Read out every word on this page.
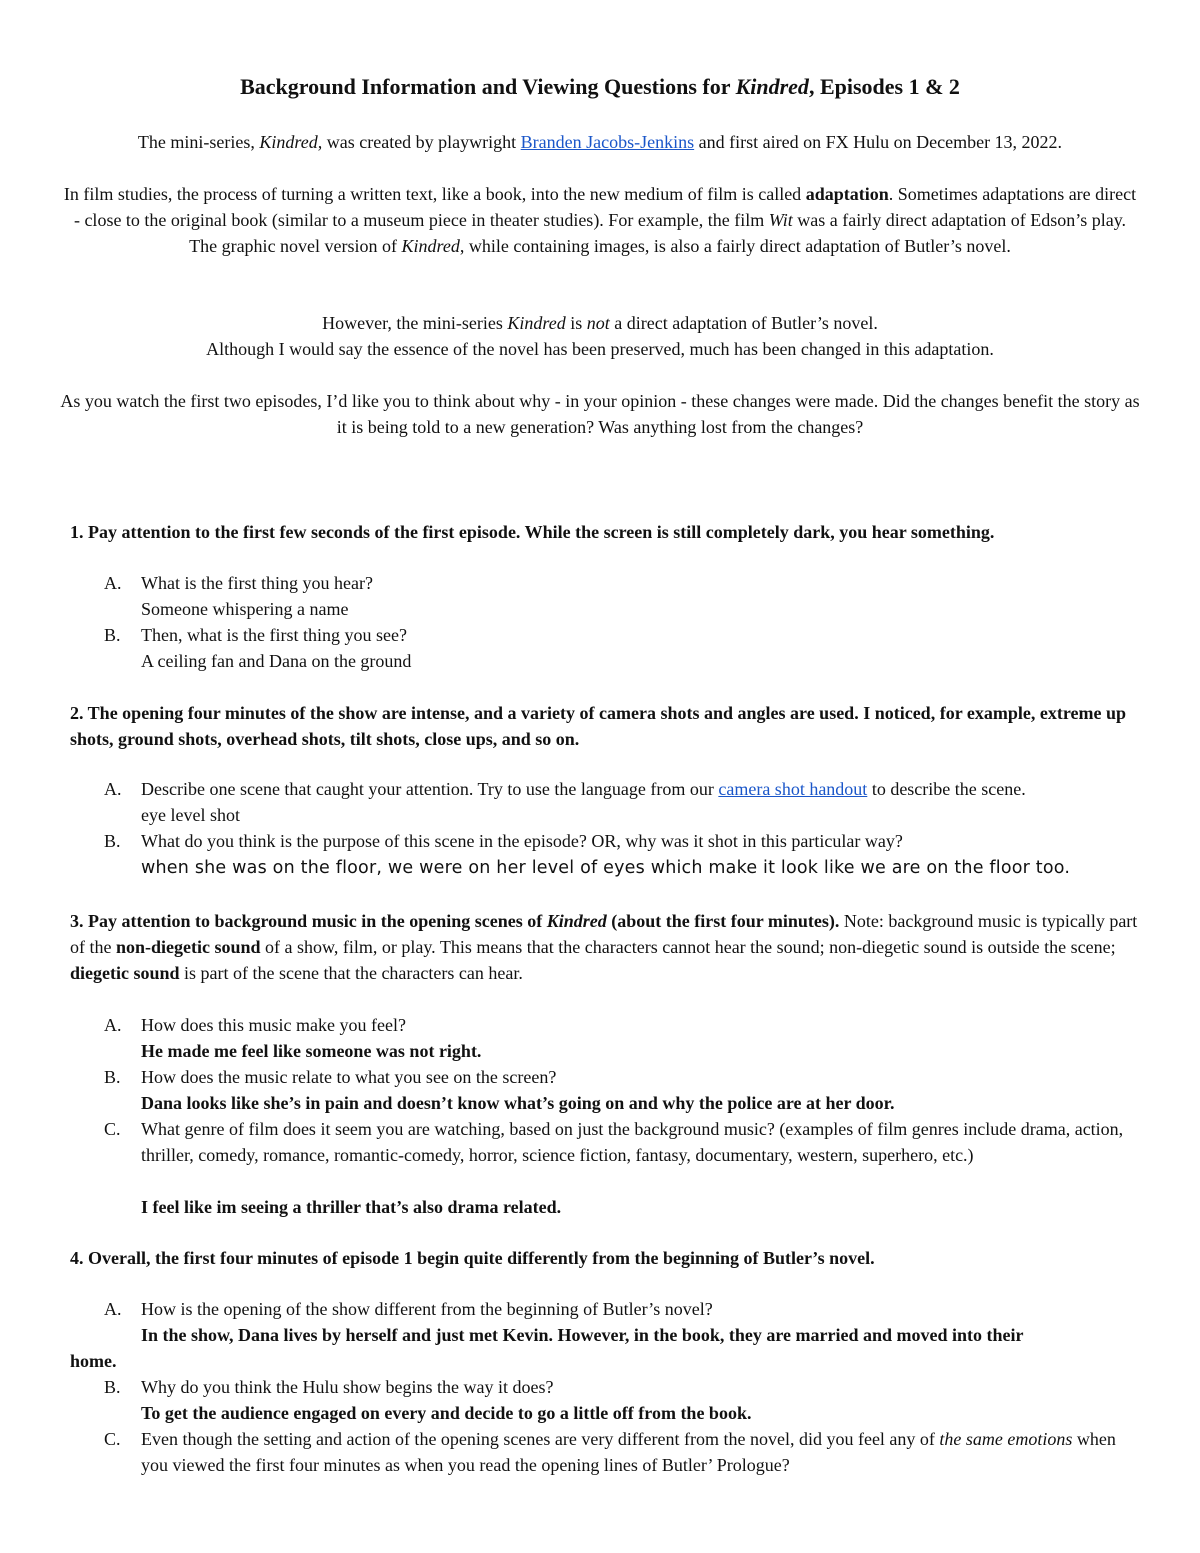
Background Information and Viewing Questions for Kindred, Episodes 1 & 2
The mini-series, Kindred, was created by playwright Branden Jacobs-Jenkins and first aired on FX Hulu on December 13, 2022.
In film studies, the process of turning a written text, like a book, into the new medium of film is called adaptation. Sometimes adaptations are direct - close to the original book (similar to a museum piece in theater studies). For example, the film Wit was a fairly direct adaptation of Edson’s play. The graphic novel version of Kindred, while containing images, is also a fairly direct adaptation of Butler’s novel.
However, the mini-series Kindred is not a direct adaptation of Butler’s novel.
Although I would say the essence of the novel has been preserved, much has been changed in this adaptation.
As you watch the first two episodes, I’d like you to think about why - in your opinion - these changes were made. Did the changes benefit the story as it is being told to a new generation? Was anything lost from the changes?
1. Pay attention to the first few seconds of the first episode. While the screen is still completely dark, you hear something.
A. What is the first thing you hear?
Someone whispering a name
B. Then, what is the first thing you see?
A ceiling fan and Dana on the ground
2. The opening four minutes of the show are intense, and a variety of camera shots and angles are used. I noticed, for example, extreme up shots, ground shots, overhead shots, tilt shots, close ups, and so on.
A. Describe one scene that caught your attention. Try to use the language from our camera shot handout to describe the scene.
eye level shot
B. What do you think is the purpose of this scene in the episode? OR, why was it shot in this particular way?
when she was on the floor, we were on her level of eyes which make it look like we are on the floor too.
3. Pay attention to background music in the opening scenes of Kindred (about the first four minutes). Note: background music is typically part of the non-diegetic sound of a show, film, or play. This means that the characters cannot hear the sound; non-diegetic sound is outside the scene; diegetic sound is part of the scene that the characters can hear.
A. How does this music make you feel?
He made me feel like someone was not right.
B. How does the music relate to what you see on the screen?
Dana looks like she’s in pain and doesn’t know what’s going on and why the police are at her door.
C. What genre of film does it seem you are watching, based on just the background music? (examples of film genres include drama, action, thriller, comedy, romance, romantic-comedy, horror, science fiction, fantasy, documentary, western, superhero, etc.)
I feel like im seeing a thriller that’s also drama related.
4. Overall, the first four minutes of episode 1 begin quite differently from the beginning of Butler’s novel.
A. How is the opening of the show different from the beginning of Butler’s novel?
In the show, Dana lives by herself and just met Kevin. However, in the book, they are married and moved into their
home.
B. Why do you think the Hulu show begins the way it does?
To get the audience engaged on every and decide to go a little off from the book.
C. Even though the setting and action of the opening scenes are very different from the novel, did you feel any of the same emotions when you viewed the first four minutes as when you read the opening lines of Butler’ Prologue?
